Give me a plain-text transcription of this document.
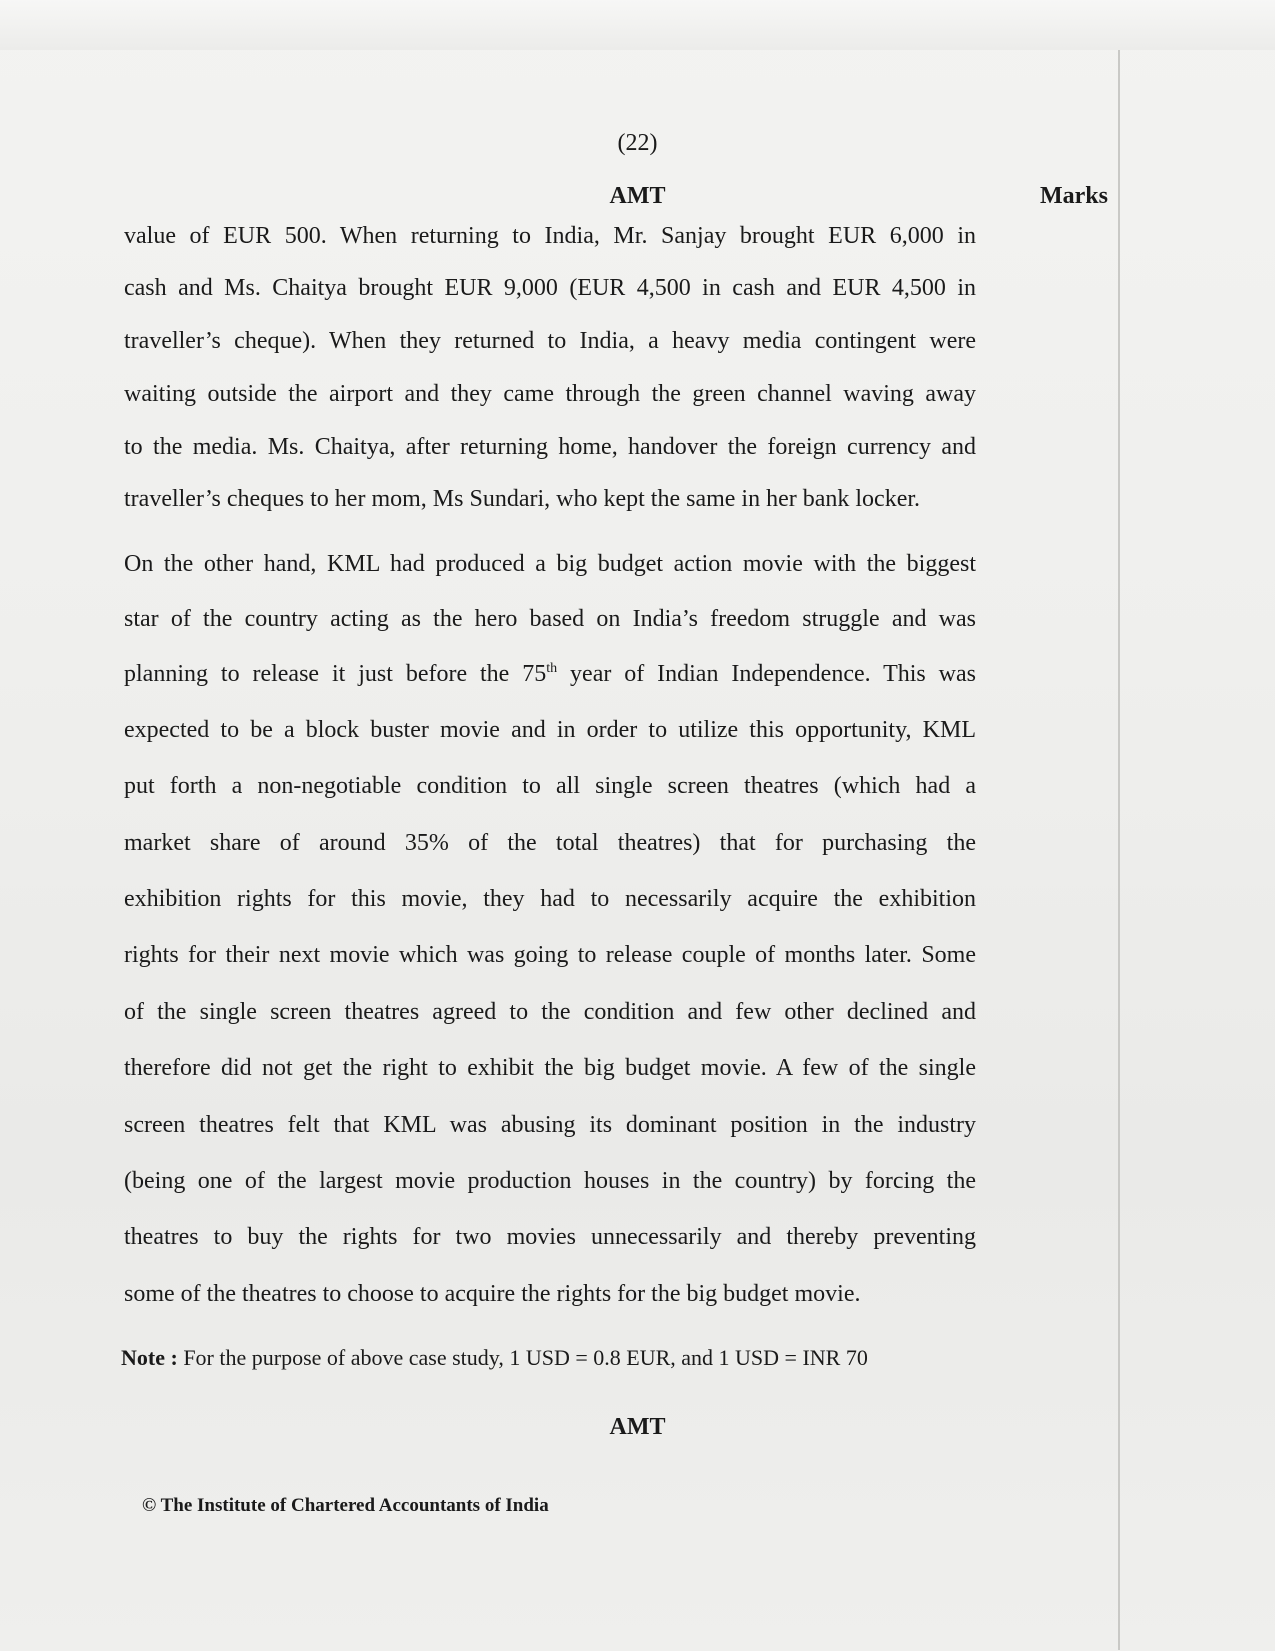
(22)
AMT	Marks
value of EUR 500. When returning to India, Mr. Sanjay brought EUR 6,000 in
cash and Ms. Chaitya brought EUR 9,000 (EUR 4,500 in cash and EUR 4,500 in
traveller’s cheque). When they returned to India, a heavy media contingent were
waiting outside the airport and they came through the green channel waving away
to the media. Ms. Chaitya, after returning home, handover the foreign currency and
traveller’s cheques to her mom, Ms Sundari, who kept the same in her bank locker.
On the other hand, KML had produced a big budget action movie with the biggest
star of the country acting as the hero based on India’s freedom struggle and was
planning to release it just before the 75th year of Indian Independence. This was
expected to be a block buster movie and in order to utilize this opportunity, KML
put forth a non-negotiable condition to all single screen theatres (which had a
market share of around 35% of the total theatres) that for purchasing the
exhibition rights for this movie, they had to necessarily acquire the exhibition
rights for their next movie which was going to release couple of months later. Some
of the single screen theatres agreed to the condition and few other declined and
therefore did not get the right to exhibit the big budget movie. A few of the single
screen theatres felt that KML was abusing its dominant position in the industry
(being one of the largest movie production houses in the country) by forcing the
theatres to buy the rights for two movies unnecessarily and thereby preventing
some of the theatres to choose to acquire the rights for the big budget movie.
Note : For the purpose of above case study, 1 USD = 0.8 EUR, and 1 USD = INR 70
AMT
© The Institute of Chartered Accountants of India
